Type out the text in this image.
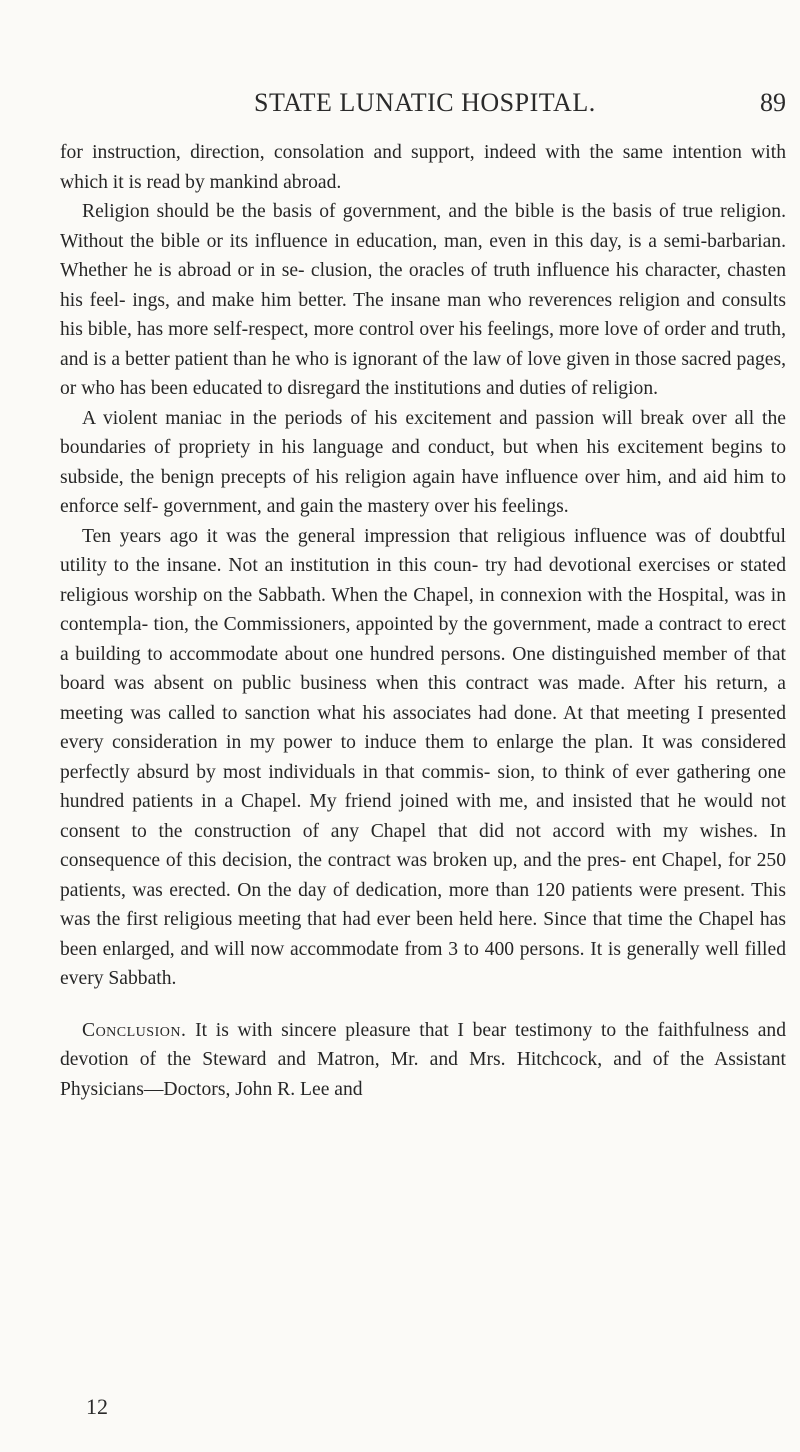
STATE LUNATIC HOSPITAL.	89

for instruction, direction, consolation and support, indeed with the same intention with which it is read by mankind abroad.

Religion should be the basis of government, and the bible is the basis of true religion. Without the bible or its influence in education, man, even in this day, is a semi-barbarian. Whether he is abroad or in se- clusion, the oracles of truth influence his character, chasten his feel- ings, and make him better. The insane man who reverences religion and consults his bible, has more self-respect, more control over his feelings, more love of order and truth, and is a better patient than he who is ignorant of the law of love given in those sacred pages, or who has been educated to disregard the institutions and duties of religion.

A violent maniac in the periods of his excitement and passion will break over all the boundaries of propriety in his language and conduct, but when his excitement begins to subside, the benign precepts of his religion again have influence over him, and aid him to enforce self- government, and gain the mastery over his feelings.

Ten years ago it was the general impression that religious influence was of doubtful utility to the insane. Not an institution in this coun- try had devotional exercises or stated religious worship on the Sabbath. When the Chapel, in connexion with the Hospital, was in contempla- tion, the Commissioners, appointed by the government, made a contract to erect a building to accommodate about one hundred persons. One distinguished member of that board was absent on public business when this contract was made. After his return, a meeting was called to sanction what his associates had done. At that meeting I presented every consideration in my power to induce them to enlarge the plan. It was considered perfectly absurd by most individuals in that commis- sion, to think of ever gathering one hundred patients in a Chapel. My friend joined with me, and insisted that he would not consent to the construction of any Chapel that did not accord with my wishes. In consequence of this decision, the contract was broken up, and the pres- ent Chapel, for 250 patients, was erected. On the day of dedication, more than 120 patients were present. This was the first religious meeting that had ever been held here. Since that time the Chapel has been enlarged, and will now accommodate from 3 to 400 persons. It is generally well filled every Sabbath.

Conclusion. It is with sincere pleasure that I bear testimony to the faithfulness and devotion of the Steward and Matron, Mr. and Mrs. Hitchcock, and of the Assistant Physicians—Doctors, John R. Lee and

12
